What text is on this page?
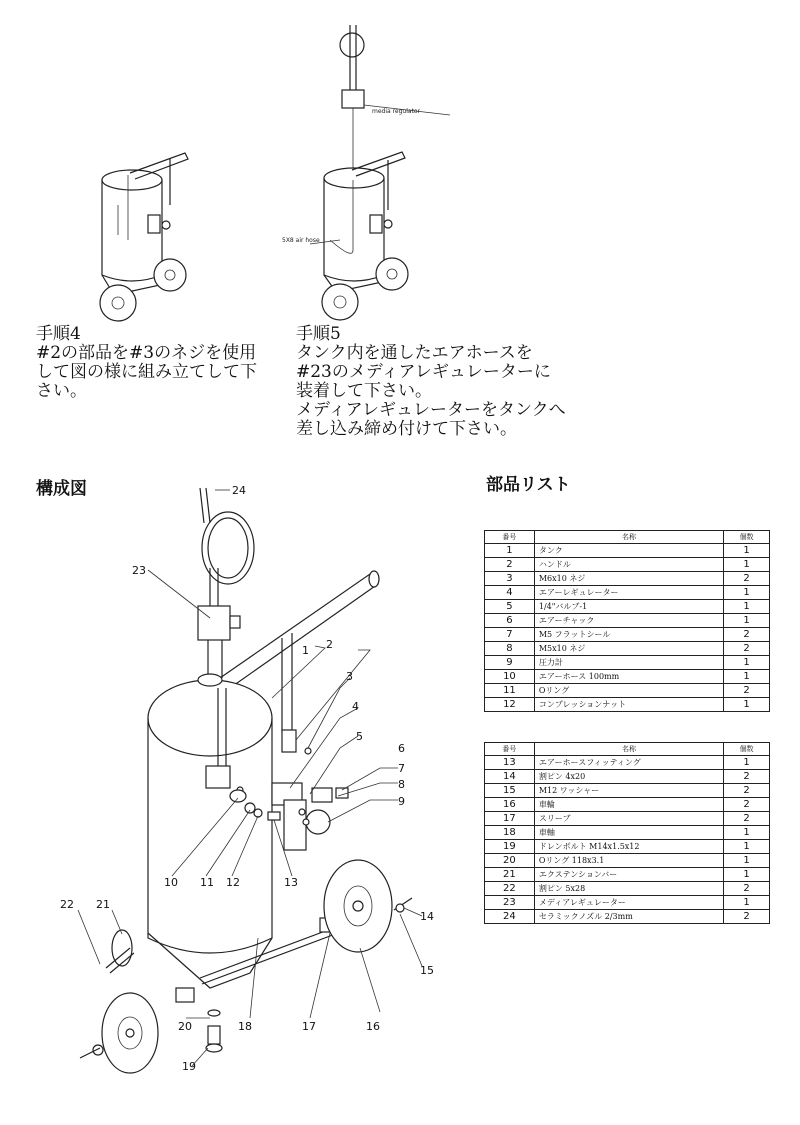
media regulator
5X8 air hose
手順4
#2の部品を#3のネジを使用
して図の様に組み立てして下
さい。
手順5
タンク内を通したエアホースを
#23のメディアレギュレーターに
装着して下さい。
メディアレギュレーターをタンクへ
差し込み締め付けて下さい。
構成図	24
23
2
1
3
4
5
6
7
8
9
10 11 12	13
14
15
16
17
18
20
19
21
22
部品リスト
番号	名称	個数
1	タンク	1
2	ハンドル	1
3	M6x10 ネジ	2
4	エアーレギュレーター	1
5	1/4"バルブ-1	1
6	エアーチャック	1
7	M5 フラットシール	2
8	M5x10 ネジ	2
9	圧力計	1
10	エアーホース 100mm	1
11	Oリング	2
12	コンプレッションナット	1
番号	名称	個数
13	エアーホースフィッティング	1
14	割ピン 4x20	2
15	M12 ワッシャー	2
16	車輪	2
17	スリーブ	2
18	車軸	1
19	ドレンボルト M14x1.5x12	1
20	Oリング 118x3.1	1
21	エクステンションバー	1
22	割ピン 5x28	2
23	メディアレギュレーター	1
24	セラミックノズル 2/3mm	2
